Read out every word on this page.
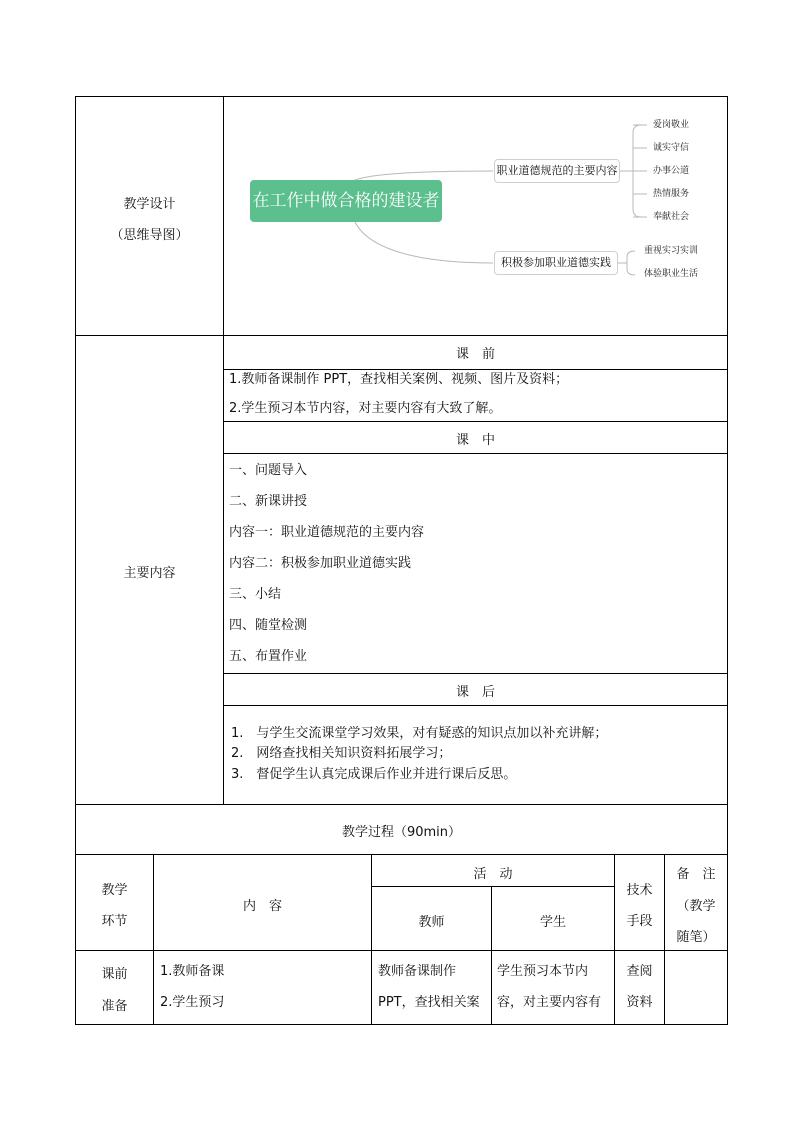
教学设计
（思维导图）
在工作中做合格的建设者
职业道德规范的主要内容
积极参加职业道德实践
爱岗敬业
诚实守信
办事公道
热情服务
奉献社会
重视实习实训
体验职业生活
主要内容
课　前
1.教师备课制作 PPT，查找相关案例、视频、图片及资料；
2.学生预习本节内容，对主要内容有大致了解。
课　中
一、问题导入
二、新课讲授
内容一：职业道德规范的主要内容
内容二：积极参加职业道德实践
三、小结
四、随堂检测
五、布置作业
课　后
1.　与学生交流课堂学习效果，对有疑惑的知识点加以补充讲解；
2.　网络查找相关知识资料拓展学习；
3.　督促学生认真完成课后作业并进行课后反思。
教学过程（90min）
教学
环节
内　容
活　动
教师	学生
技术
手段
备　注
（教学
随笔）
课前
准备
1.教师备课
2.学生预习
教师备课制作
PPT，查找相关案
学生预习本节内
容，对主要内容有
查阅
资料
